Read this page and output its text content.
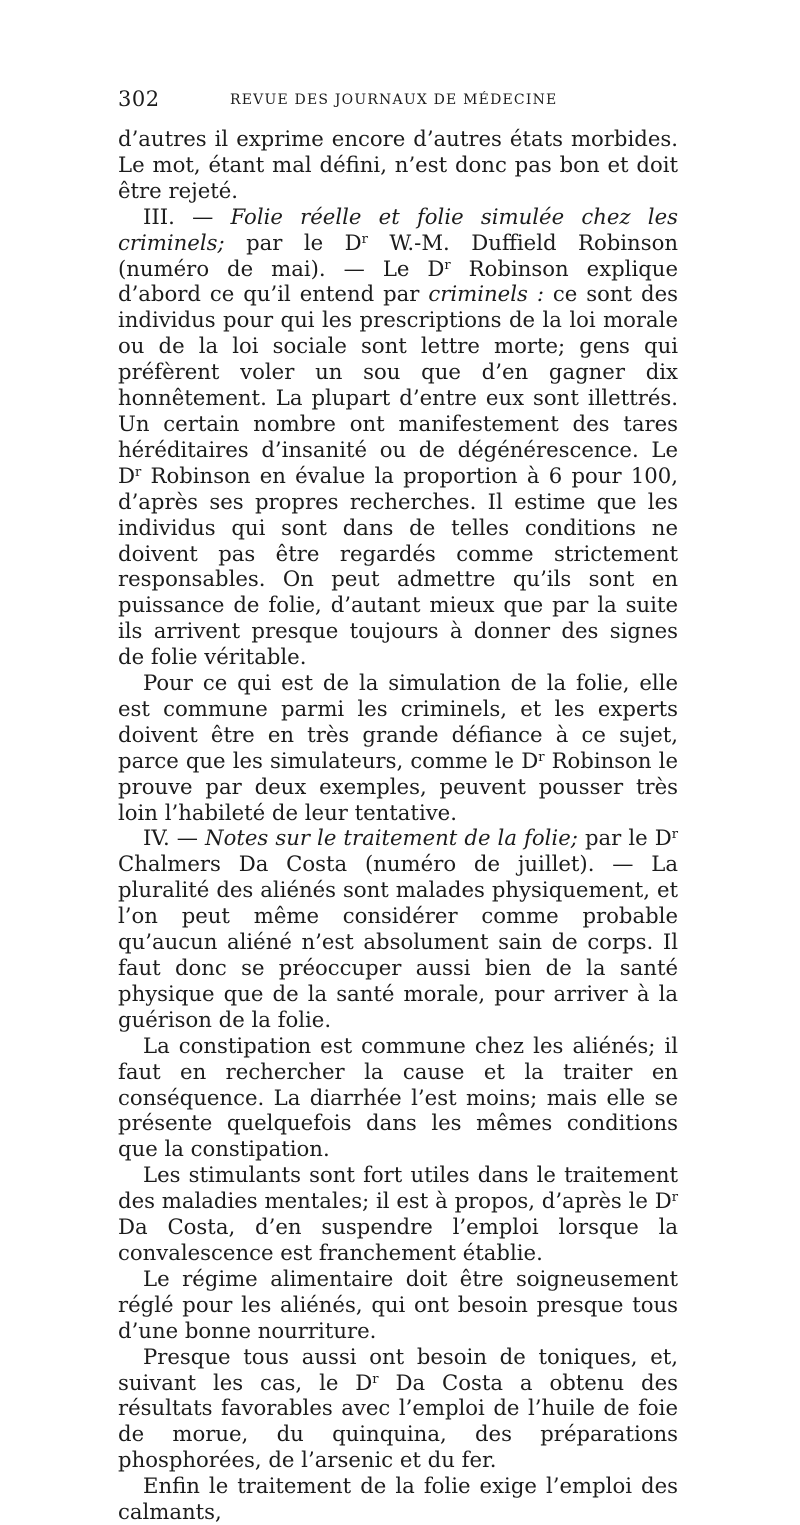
302	REVUE DES JOURNAUX DE MÉDECINE

d’autres il exprime encore d’autres états morbides. Le mot, étant mal défini, n’est donc pas bon et doit être rejeté.

III. — Folie réelle et folie simulée chez les criminels; par le $D^r$ W.-M. Duffield Robinson (numéro de mai). — Le $D^r$ Robinson explique d’abord ce qu’il entend par criminels : ce sont des individus pour qui les prescriptions de la loi morale ou de la loi sociale sont lettre morte; gens qui préfèrent voler un sou que d’en gagner dix honnêtement. La plupart d’entre eux sont illettrés. Un certain nombre ont manifestement des tares héréditaires d’insanité ou de dégénérescence. Le $D^r$ Robinson en évalue la proportion à 6 pour 100, d’après ses propres recherches. Il estime que les individus qui sont dans de telles conditions ne doivent pas être regardés comme strictement responsables. On peut admettre qu’ils sont en puissance de folie, d’autant mieux que par la suite ils arrivent presque toujours à donner des signes de folie véritable.

Pour ce qui est de la simulation de la folie, elle est commune parmi les criminels, et les experts doivent être en très grande défiance à ce sujet, parce que les simulateurs, comme le $D^r$ Robinson le prouve par deux exemples, peuvent pousser très loin l’habileté de leur tentative.

IV. — Notes sur le traitement de la folie; par le $D^r$ Chalmers Da Costa (numéro de juillet). — La pluralité des aliénés sont malades physiquement, et l’on peut même considérer comme probable qu’aucun aliéné n’est absolument sain de corps. Il faut donc se préoccuper aussi bien de la santé physique que de la santé morale, pour arriver à la guérison de la folie.

La constipation est commune chez les aliénés; il faut en rechercher la cause et la traiter en conséquence. La diarrhée l’est moins; mais elle se présente quelquefois dans les mêmes conditions que la constipation.

Les stimulants sont fort utiles dans le traitement des maladies mentales; il est à propos, d’après le $D^r$ Da Costa, d’en suspendre l’emploi lorsque la convalescence est franchement établie.

Le régime alimentaire doit être soigneusement réglé pour les aliénés, qui ont besoin presque tous d’une bonne nourriture.

Presque tous aussi ont besoin de toniques, et, suivant les cas, le $D^r$ Da Costa a obtenu des résultats favorables avec l’emploi de l’huile de foie de morue, du quinquina, des préparations phosphorées, de l’arsenic et du fer.

Enfin le traitement de la folie exige l’emploi des calmants,
